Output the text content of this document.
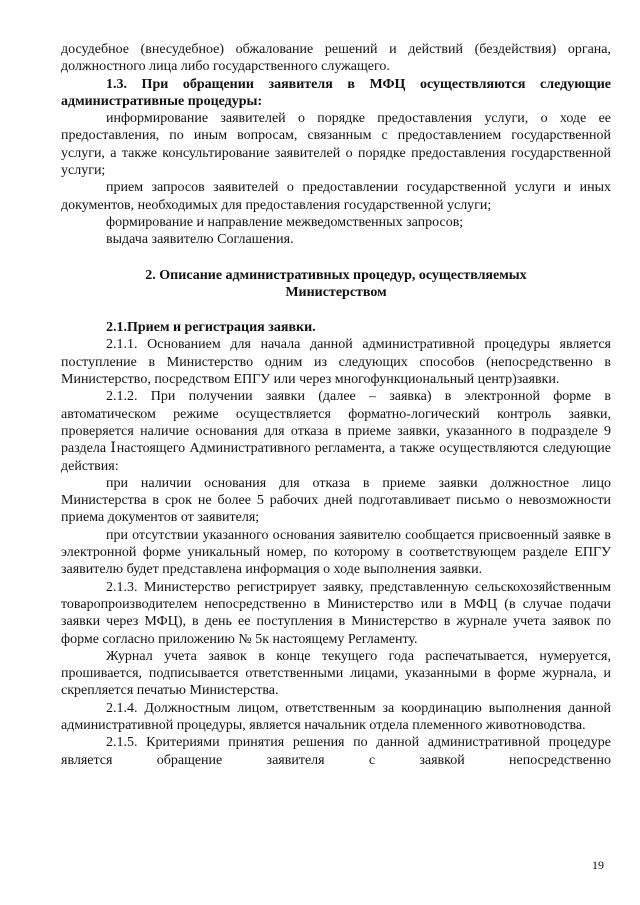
досудебное (внесудебное) обжалование решений и действий (бездействия) органа, должностного лица либо государственного служащего.

1.3. При обращении заявителя в МФЦ осуществляются следующие административные процедуры:

информирование заявителей о порядке предоставления услуги, о ходе ее предоставления, по иным вопросам, связанным с предоставлением государственной услуги, а также консультирование заявителей о порядке предоставления государственной услуги;

прием запросов заявителей о предоставлении государственной услуги и иных документов, необходимых для предоставления государственной услуги;

формирование и направление межведомственных запросов;

выдача заявителю Соглашения.

2. Описание административных процедур, осуществляемых Министерством

2.1.Прием и регистрация заявки.

2.1.1. Основанием для начала данной административной процедуры является поступление в Министерство одним из следующих способов (непосредственно в Министерство, посредством ЕПГУ или через многофункциональный центр)заявки.

2.1.2. При получении заявки (далее – заявка) в электронной форме в автоматическом режиме осуществляется форматно-логический контроль заявки, проверяется наличие основания для отказа в приеме заявки, указанного в подразделе 9 раздела Ⅰнастоящего Административного регламента, а также осуществляются следующие действия:

при наличии основания для отказа в приеме заявки должностное лицо Министерства в срок не более 5 рабочих дней подготавливает письмо о невозможности приема документов от заявителя;

при отсутствии указанного основания заявителю сообщается присвоенный заявке в электронной форме уникальный номер, по которому в соответствующем разделе ЕПГУ заявителю будет представлена информация о ходе выполнения заявки.

2.1.3. Министерство регистрирует заявку, представленную сельскохозяйственным товаропроизводителем непосредственно в Министерство или в МФЦ (в случае подачи заявки через МФЦ), в день ее поступления в Министерство в журнале учета заявок по форме согласно приложению № 5к настоящему Регламенту.

Журнал учета заявок в конце текущего года распечатывается, нумеруется, прошивается, подписывается ответственными лицами, указанными в форме журнала, и скрепляется печатью Министерства.

2.1.4. Должностным лицом, ответственным за координацию выполнения данной административной процедуры, является начальник отдела племенного животноводства.

2.1.5. Критериями принятия решения по данной административной процедуре является обращение заявителя с заявкой непосредственно

19
